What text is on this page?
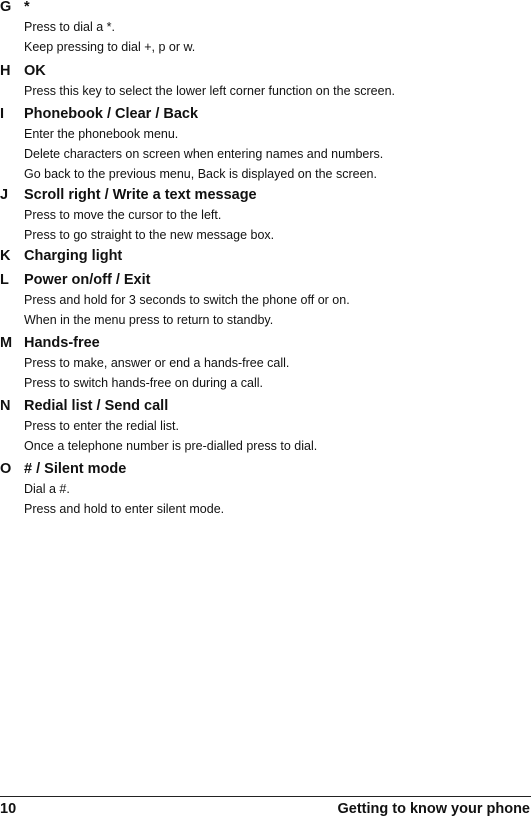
G *
Press to dial a *.
Keep pressing to dial +, p or w.
H OK
Press this key to select the lower left corner function on the screen.
I	Phonebook / Clear / Back
Enter the phonebook menu.
Delete characters on screen when entering names and numbers.
Go back to the previous menu, Back is displayed on the screen.
J	Scroll right / Write a text message
Press to move the cursor to the left.
Press to go straight to the new message box.
K Charging light
L	Power on/off / Exit
Press and hold for 3 seconds to switch the phone off or on.
When in the menu press to return to standby.
M Hands-free
Press to make, answer or end a hands-free call.
Press to switch hands-free on during a call.
N Redial list / Send call
Press to enter the redial list.
Once a telephone number is pre-dialled press to dial.
O # / Silent mode
Dial a #.
Press and hold to enter silent mode.
10	Getting to know your phone
